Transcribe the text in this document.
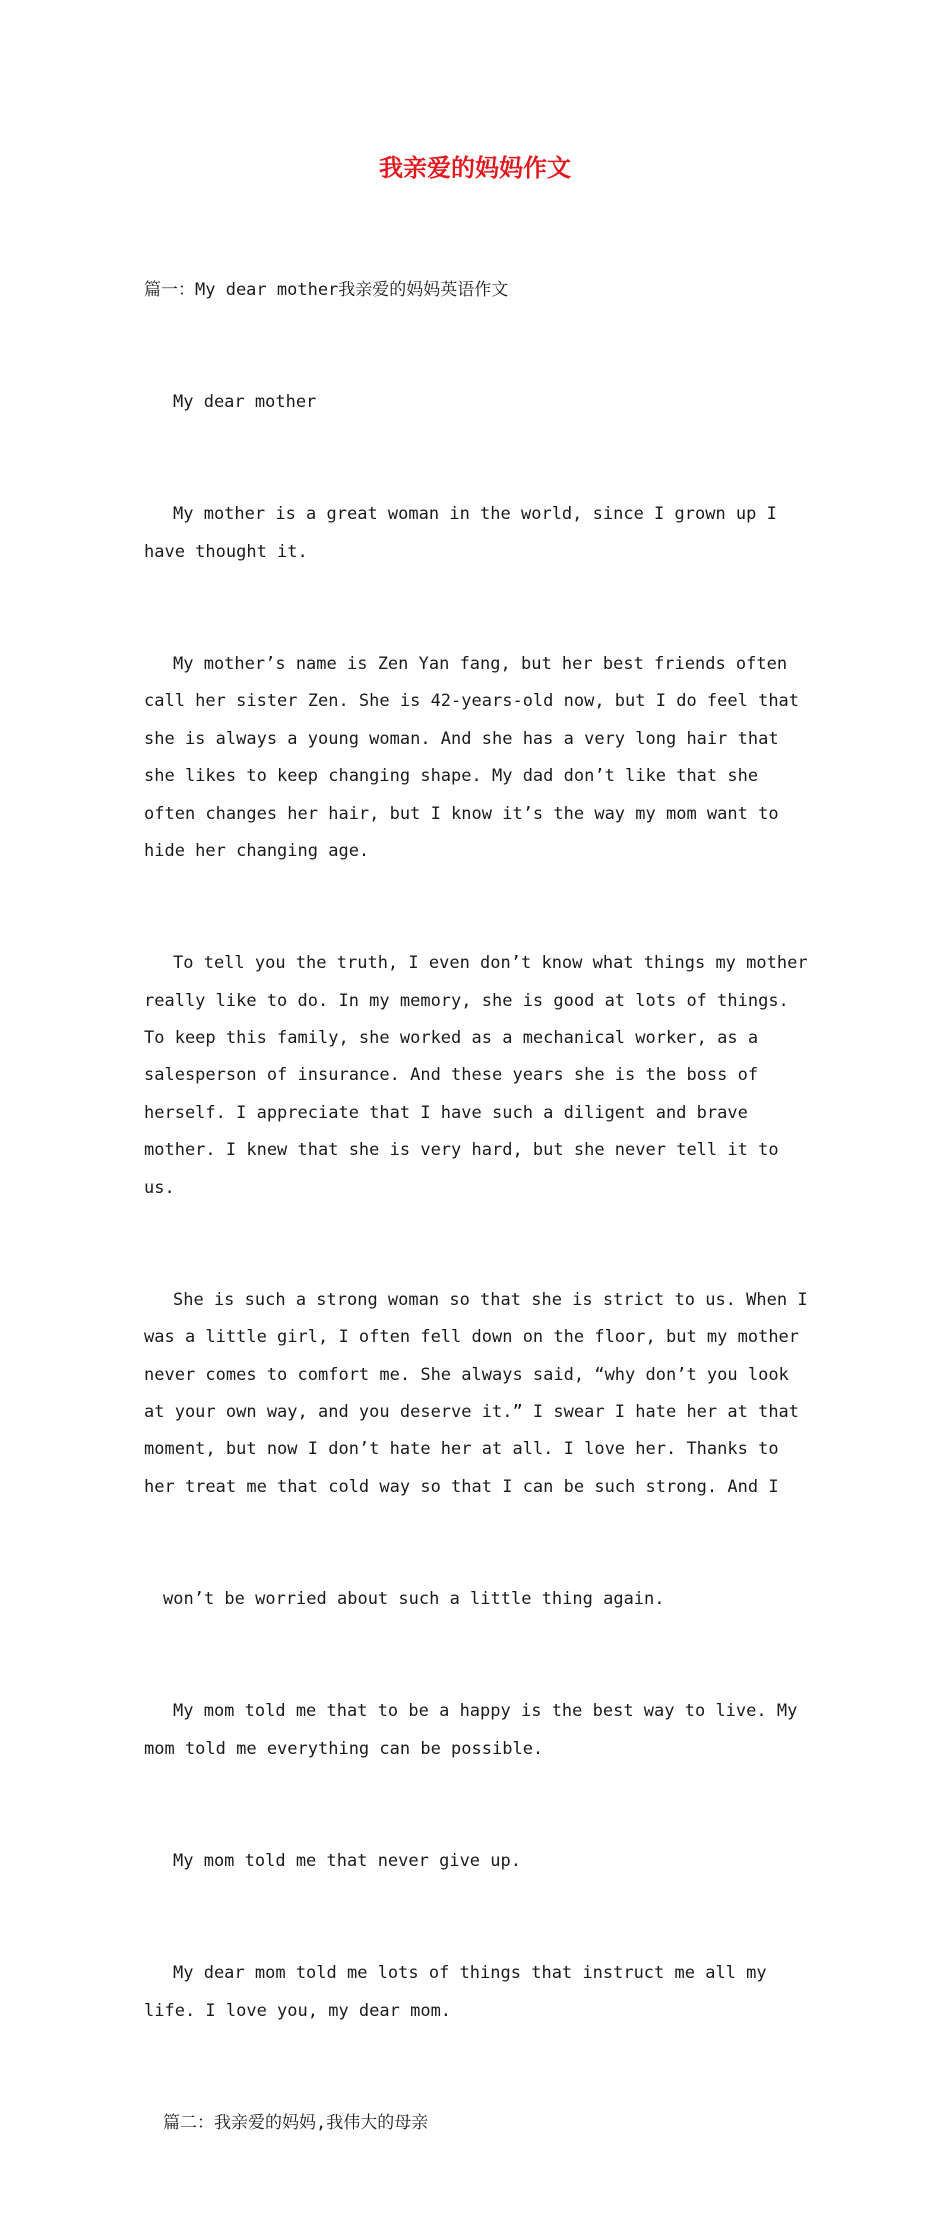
我亲爱的妈妈作文

篇一：My dear mother我亲爱的妈妈英语作文

My dear mother

My mother is a great woman in the world, since I grown up I have thought it.

My mother’s name is Zen Yan fang, but her best friends often call her sister Zen. She is 42-years-old now, but I do feel that she is always a young woman. And she has a very long hair that she likes to keep changing shape. My dad don’t like that she often changes her hair, but I know it’s the way my mom want to hide her changing age.

To tell you the truth, I even don’t know what things my mother really like to do. In my memory, she is good at lots of things. To keep this family, she worked as a mechanical worker, as a salesperson of insurance. And these years she is the boss of herself. I appreciate that I have such a diligent and brave mother. I knew that she is very hard, but she never tell it to us.

She is such a strong woman so that she is strict to us. When I was a little girl, I often fell down on the floor, but my mother never comes to comfort me. She always said, “why don’t you look at your own way, and you deserve it.” I swear I hate her at that moment, but now I don’t hate her at all. I love her. Thanks to her treat me that cold way so that I can be such strong. And I

won’t be worried about such a little thing again.

My mom told me that to be a happy is the best way to live. My mom told me everything can be possible.

My mom told me that never give up.

My dear mom told me lots of things that instruct me all my life. I love you, my dear mom.

篇二：我亲爱的妈妈,我伟大的母亲
